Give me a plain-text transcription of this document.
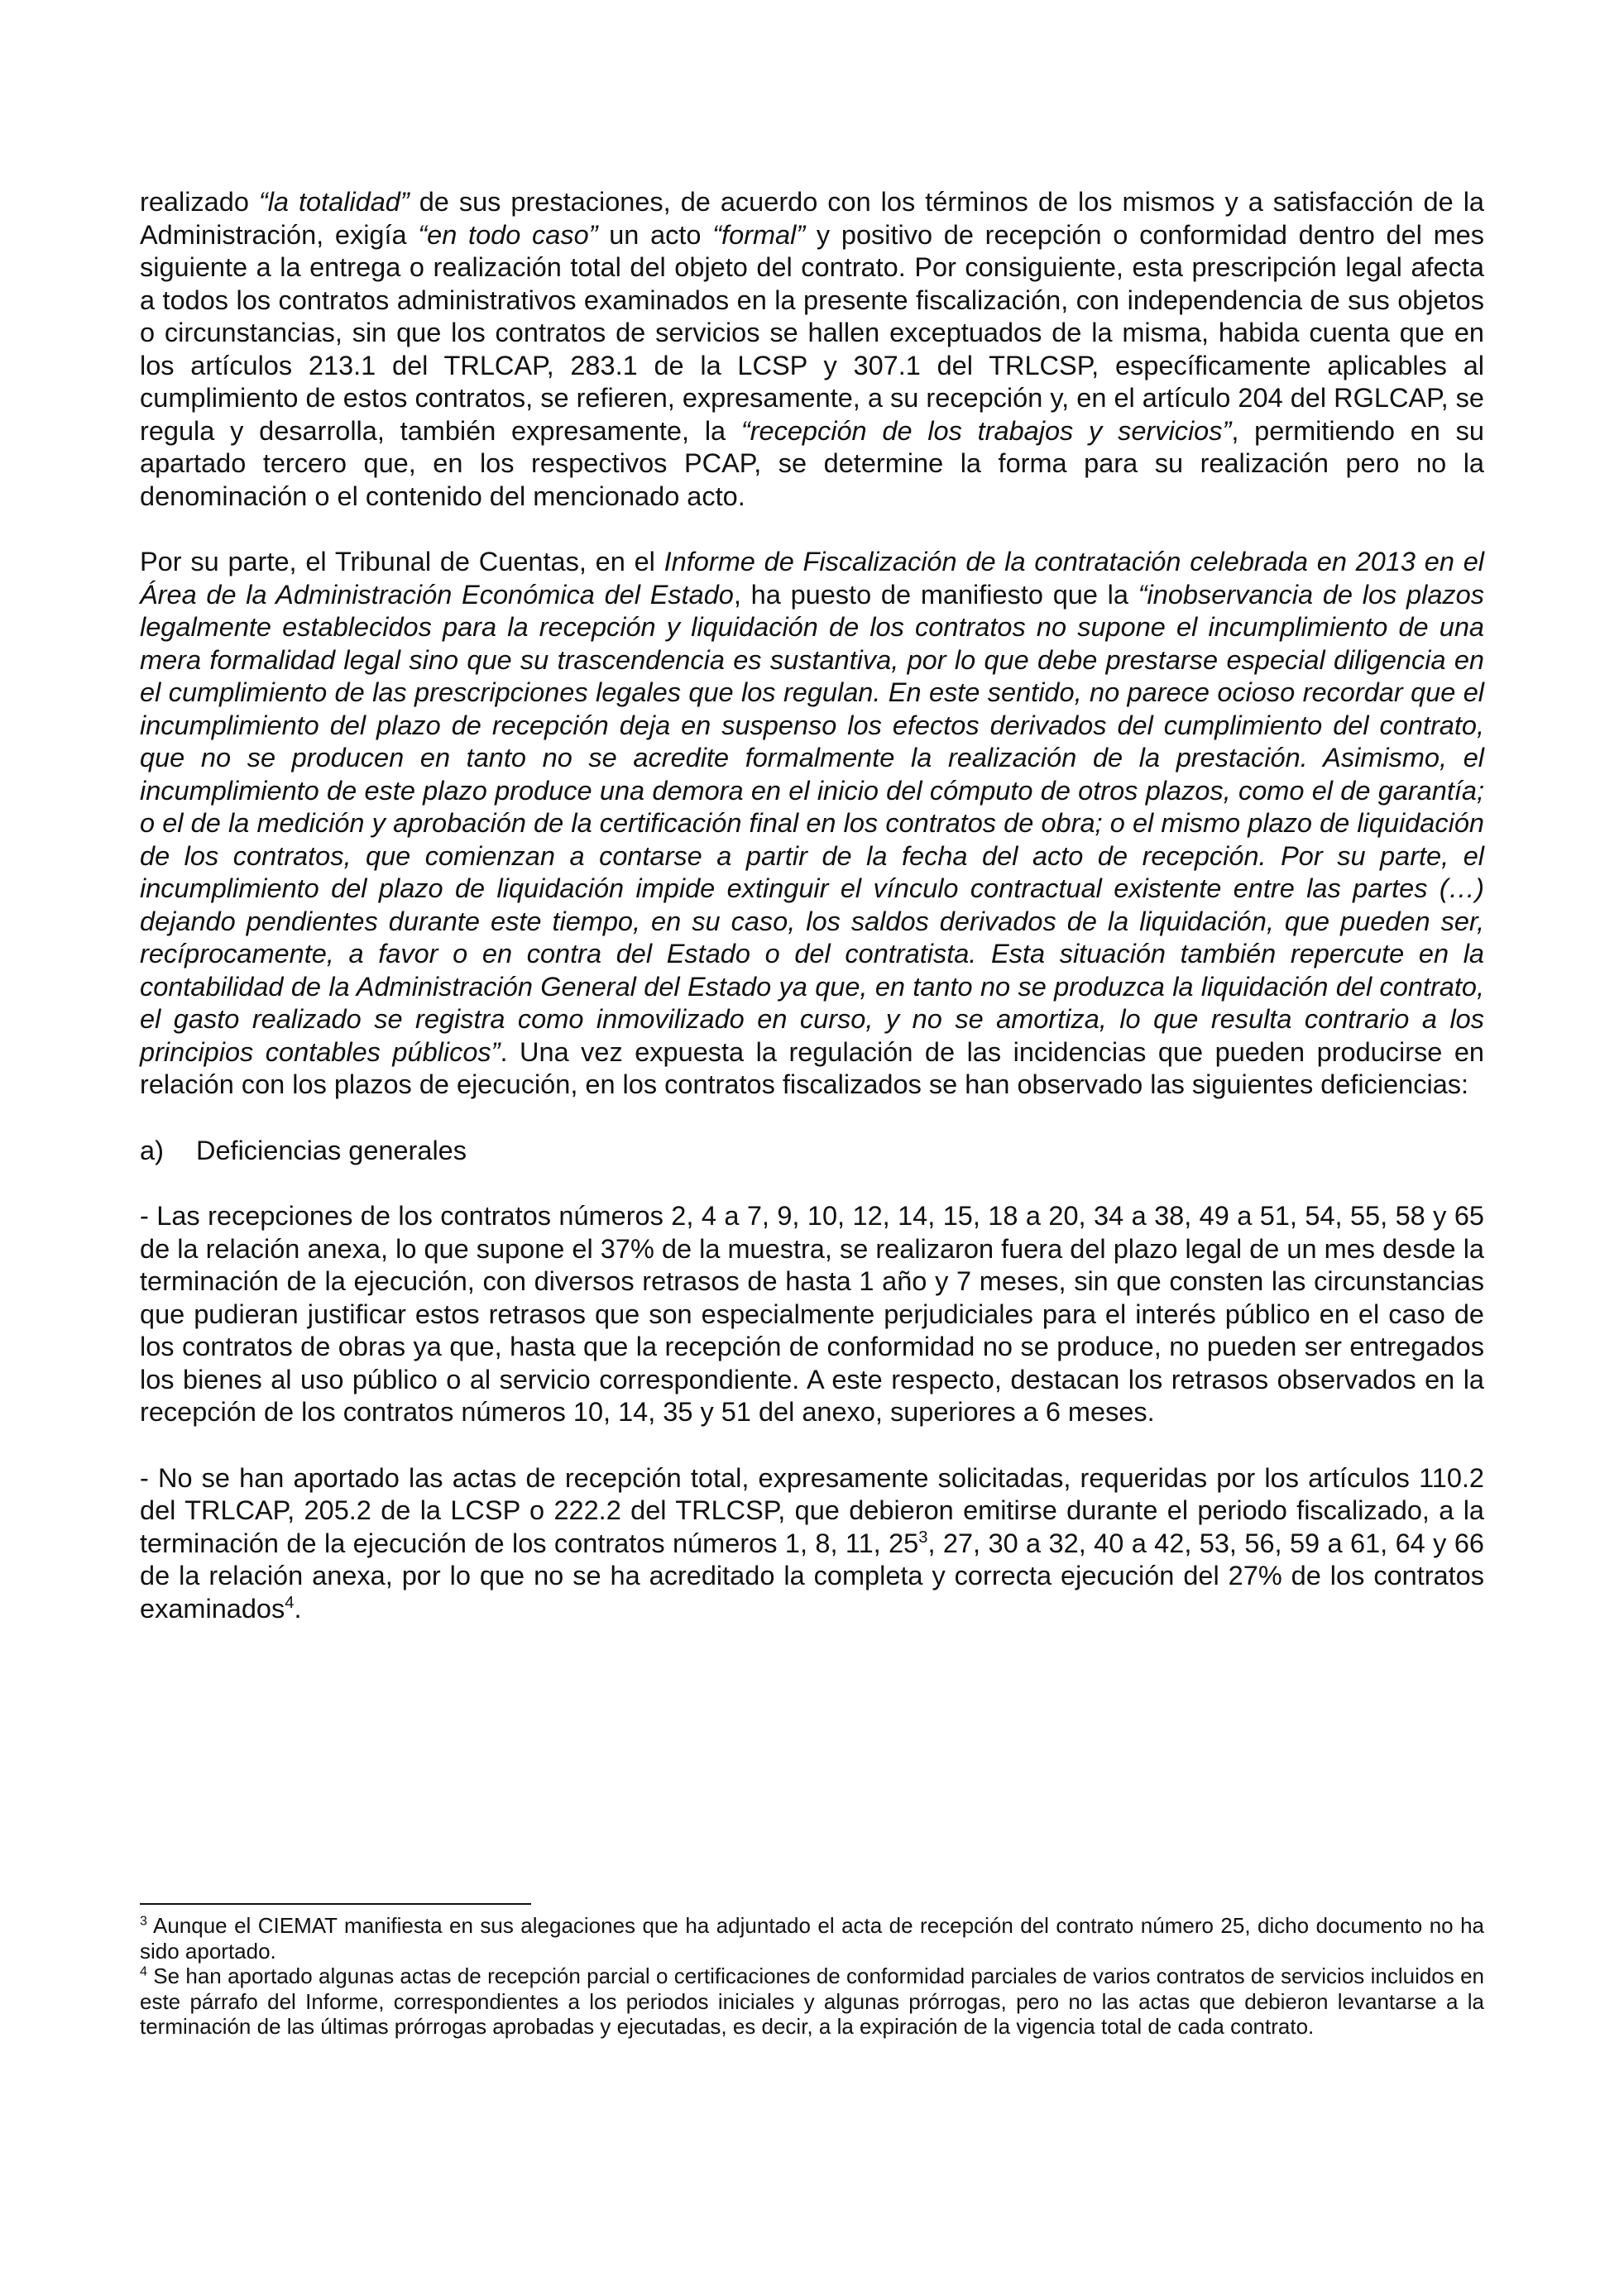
realizado “la totalidad” de sus prestaciones, de acuerdo con los términos de los mismos y a satisfacción de la Administración, exigía “en todo caso” un acto “formal” y positivo de recepción o conformidad dentro del mes siguiente a la entrega o realización total del objeto del contrato. Por consiguiente, esta prescripción legal afecta a todos los contratos administrativos examinados en la presente fiscalización, con independencia de sus objetos o circunstancias, sin que los contratos de servicios se hallen exceptuados de la misma, habida cuenta que en los artículos 213.1 del TRLCAP, 283.1 de la LCSP y 307.1 del TRLCSP, específicamente aplicables al cumplimiento de estos contratos, se refieren, expresamente, a su recepción y, en el artículo 204 del RGLCAP, se regula y desarrolla, también expresamente, la “recepción de los trabajos y servicios”, permitiendo en su apartado tercero que, en los respectivos PCAP, se determine la forma para su realización pero no la denominación o el contenido del mencionado acto.

Por su parte, el Tribunal de Cuentas, en el Informe de Fiscalización de la contratación celebrada en 2013 en el Área de la Administración Económica del Estado, ha puesto de manifiesto que la “inobservancia de los plazos legalmente establecidos para la recepción y liquidación de los contratos no supone el incumplimiento de una mera formalidad legal sino que su trascendencia es sustantiva, por lo que debe prestarse especial diligencia en el cumplimiento de las prescripciones legales que los regulan. En este sentido, no parece ocioso recordar que el incumplimiento del plazo de recepción deja en suspenso los efectos derivados del cumplimiento del contrato, que no se producen en tanto no se acredite formalmente la realización de la prestación. Asimismo, el incumplimiento de este plazo produce una demora en el inicio del cómputo de otros plazos, como el de garantía; o el de la medición y aprobación de la certificación final en los contratos de obra; o el mismo plazo de liquidación de los contratos, que comienzan a contarse a partir de la fecha del acto de recepción. Por su parte, el incumplimiento del plazo de liquidación impide extinguir el vínculo contractual existente entre las partes (…) dejando pendientes durante este tiempo, en su caso, los saldos derivados de la liquidación, que pueden ser, recíprocamente, a favor o en contra del Estado o del contratista. Esta situación también repercute en la contabilidad de la Administración General del Estado ya que, en tanto no se produzca la liquidación del contrato, el gasto realizado se registra como inmovilizado en curso, y no se amortiza, lo que resulta contrario a los principios contables públicos”. Una vez expuesta la regulación de las incidencias que pueden producirse en relación con los plazos de ejecución, en los contratos fiscalizados se han observado las siguientes deficiencias:

a) Deficiencias generales

- Las recepciones de los contratos números 2, 4 a 7, 9, 10, 12, 14, 15, 18 a 20, 34 a 38, 49 a 51, 54, 55, 58 y 65 de la relación anexa, lo que supone el 37% de la muestra, se realizaron fuera del plazo legal de un mes desde la terminación de la ejecución, con diversos retrasos de hasta 1 año y 7 meses, sin que consten las circunstancias que pudieran justificar estos retrasos que son especialmente perjudiciales para el interés público en el caso de los contratos de obras ya que, hasta que la recepción de conformidad no se produce, no pueden ser entregados los bienes al uso público o al servicio correspondiente. A este respecto, destacan los retrasos observados en la recepción de los contratos números 10, 14, 35 y 51 del anexo, superiores a 6 meses.

- No se han aportado las actas de recepción total, expresamente solicitadas, requeridas por los artículos 110.2 del TRLCAP, 205.2 de la LCSP o 222.2 del TRLCSP, que debieron emitirse durante el periodo fiscalizado, a la terminación de la ejecución de los contratos números 1, 8, 11, $25^3$, 27, 30 a 32, 40 a 42, 53, 56, 59 a 61, 64 y 66 de la relación anexa, por lo que no se ha acreditado la completa y correcta ejecución del 27% de los contratos examinados$^4$.

$^3$ Aunque el CIEMAT manifiesta en sus alegaciones que ha adjuntado el acta de recepción del contrato número 25, dicho documento no ha sido aportado.

$^4$ Se han aportado algunas actas de recepción parcial o certificaciones de conformidad parciales de varios contratos de servicios incluidos en este párrafo del Informe, correspondientes a los periodos iniciales y algunas prórrogas, pero no las actas que debieron levantarse a la terminación de las últimas prórrogas aprobadas y ejecutadas, es decir, a la expiración de la vigencia total de cada contrato.
